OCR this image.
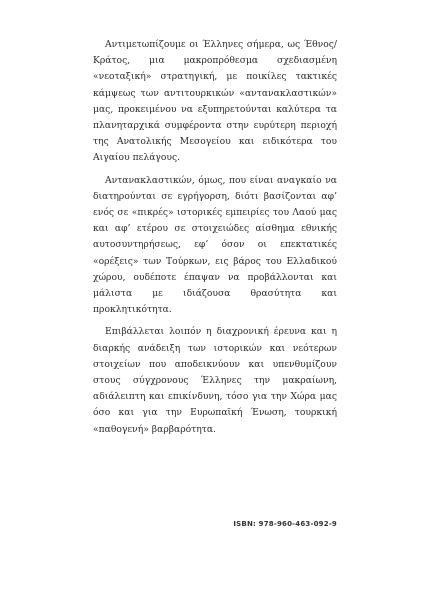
Αντιμετωπίζουμε οι Έλληνες σήμερα, ως Έθνος/Κράτος, μια μακροπρόθεσμα σχεδιασμένη «νεοταξική» στρατηγική, με ποικίλες τακτικές κάμψεως των αντιτουρκικών «αντανακλαστικών» μας, προκειμένου να εξυπηρετούνται καλύτερα τα πλανηταρχικά συμφέροντα στην ευρύτερη περιοχή της Ανατολικής Μεσογείου και ειδικότερα του Αιγαίου πελάγους.

Αντανακλαστικών, όμως, που είναι αναγκαίο να διατηρούνται σε εγρήγορση, διότι βασίζονται αφ’ ενός σε «πικρές» ιστορικές εμπειρίες του Λαού μας και αφ’ ετέρου σε στοιχειώδες αίσθημα εθνικής αυτοσυντηρήσεως, εφ’ όσον οι επεκτατικές «ορέξεις» των Τούρκων, εις βάρος του Ελλαδικού χώρου, ουδέποτε έπαψαν να προβάλλονται και μάλιστα με ιδιάζουσα θρασύτητα και προκλητικότητα.

Επιβάλλεται λοιπόν η διαχρονική έρευνα και η διαρκής ανάδειξη των ιστορικών και νεότερων στοιχείων που αποδεικνύουν και υπενθυμίζουν στους σύγχρονους Έλληνες την μακραίωνη, αδιάλειπτη και επικίνδυνη, τόσο για την Χώρα μας όσο και για την Ευρωπαϊκή Ένωση, τουρκική «παθογενή» βαρβαρότητα.

ISBN: 978-960-463-092-9
